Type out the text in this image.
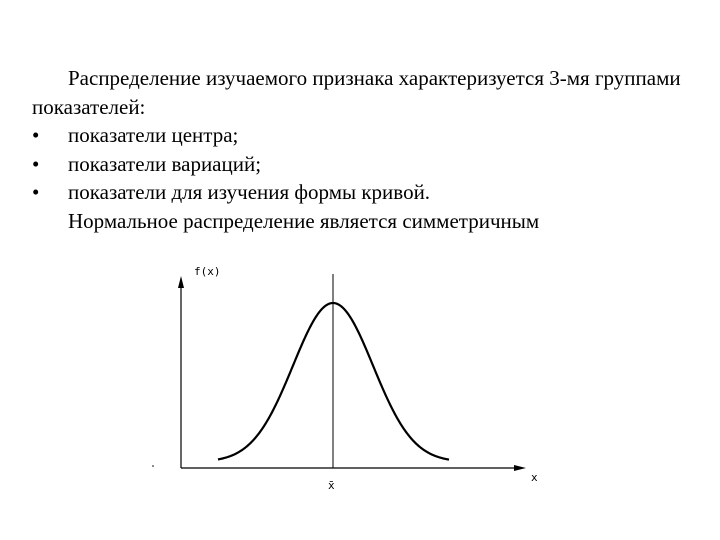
Распределение изучаемого признака характеризуется 3-мя группами показателей:
•	показатели центра;
•	показатели вариаций;
•	показатели для изучения формы кривой.
Нормальное распределение является симметричным
f(x)
x
x̄
